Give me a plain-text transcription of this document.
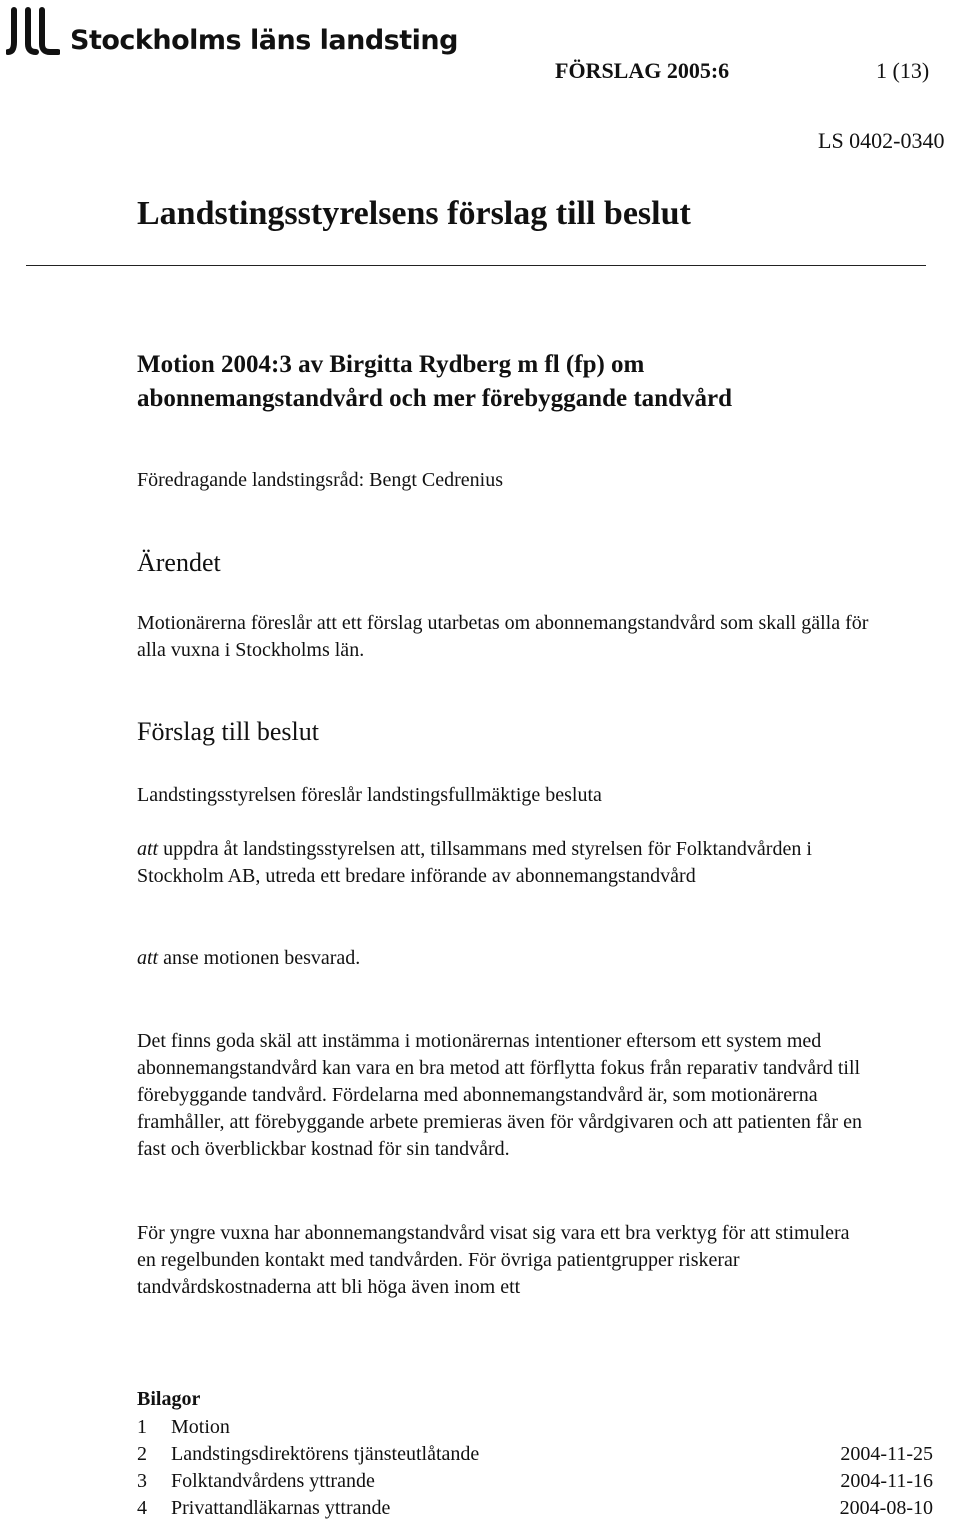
Stockholms läns landsting
FÖRSLAG 2005:6	1 (13)
LS 0402-0340
Landstingsstyrelsens förslag till beslut
Motion 2004:3 av Birgitta Rydberg m fl (fp) om
abonnemangstandvård och mer förebyggande tandvård
Föredragande landstingsråd: Bengt Cedrenius
Ärendet
Motionärerna föreslår att ett förslag utarbetas om abonnemangstandvård som skall gälla för alla vuxna i Stockholms län.
Förslag till beslut
Landstingsstyrelsen föreslår landstingsfullmäktige besluta
att uppdra åt landstingsstyrelsen att, tillsammans med styrelsen för Folktandvården i Stockholm AB, utreda ett bredare införande av abonnemangstandvård
att anse motionen besvarad.
Det finns goda skäl att instämma i motionärernas intentioner eftersom ett system med abonnemangstandvård kan vara en bra metod att förflytta fokus från reparativ tandvård till förebyggande tandvård. Fördelarna med abonnemangstandvård är, som motionärerna framhåller, att förebyggande arbete premieras även för vårdgivaren och att patienten får en fast och överblickbar kostnad för sin tandvård.
För yngre vuxna har abonnemangstandvård visat sig vara ett bra verktyg för att stimulera en regelbunden kontakt med tandvården. För övriga patientgrupper riskerar tandvårdskostnaderna att bli höga även inom ett
Bilagor
1	Motion
2	Landstingsdirektörens tjänsteutlåtande	2004-11-25
3	Folktandvårdens yttrande	2004-11-16
4	Privattandläkarnas yttrande	2004-08-10
